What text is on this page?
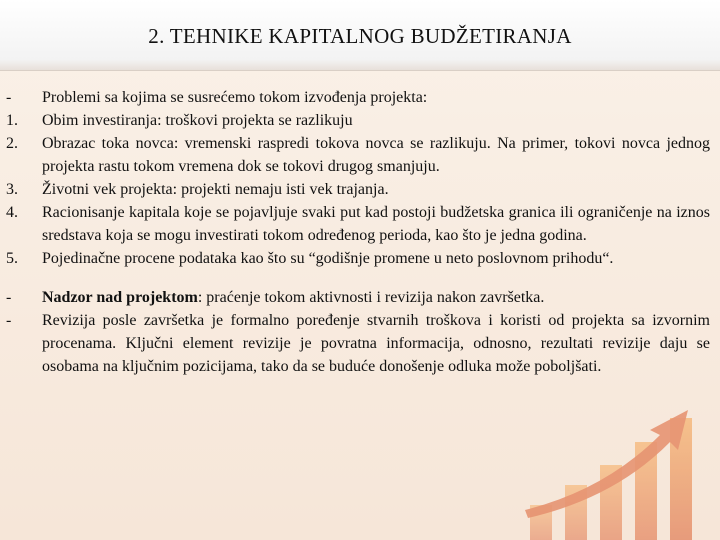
2. TEHNIKE KAPITALNOG BUDŽETIRANJA
-	Problemi sa kojima se susrećemo tokom izvođenja projekta:
1.	Obim investiranja: troškovi projekta se razlikuju
2.	Obrazac toka novca: vremenski raspredi tokova novca se razlikuju. Na primer, tokovi novca jednog projekta rastu tokom vremena dok se tokovi drugog smanjuju.
3.	Životni vek projekta: projekti nemaju isti vek trajanja.
4.	Racionisanje kapitala koje se pojavljuje svaki put kad postoji budžetska granica ili ograničenje na iznos sredstava koja se mogu investirati tokom određenog perioda, kao što je jedna godina.
5.	Pojedinačne procene podataka kao što su “godišnje promene u neto poslovnom prihodu“.
-	Nadzor nad projektom: praćenje tokom aktivnosti i revizija nakon završetka.
-	Revizija posle završetka je formalno poređenje stvarnih troškova i koristi od projekta sa izvornim procenama. Ključni element revizije je povratna informacija, odnosno, rezultati revizije daju se osobama na ključnim pozicijama, tako da se buduće donošenje odluka može poboljšati.
